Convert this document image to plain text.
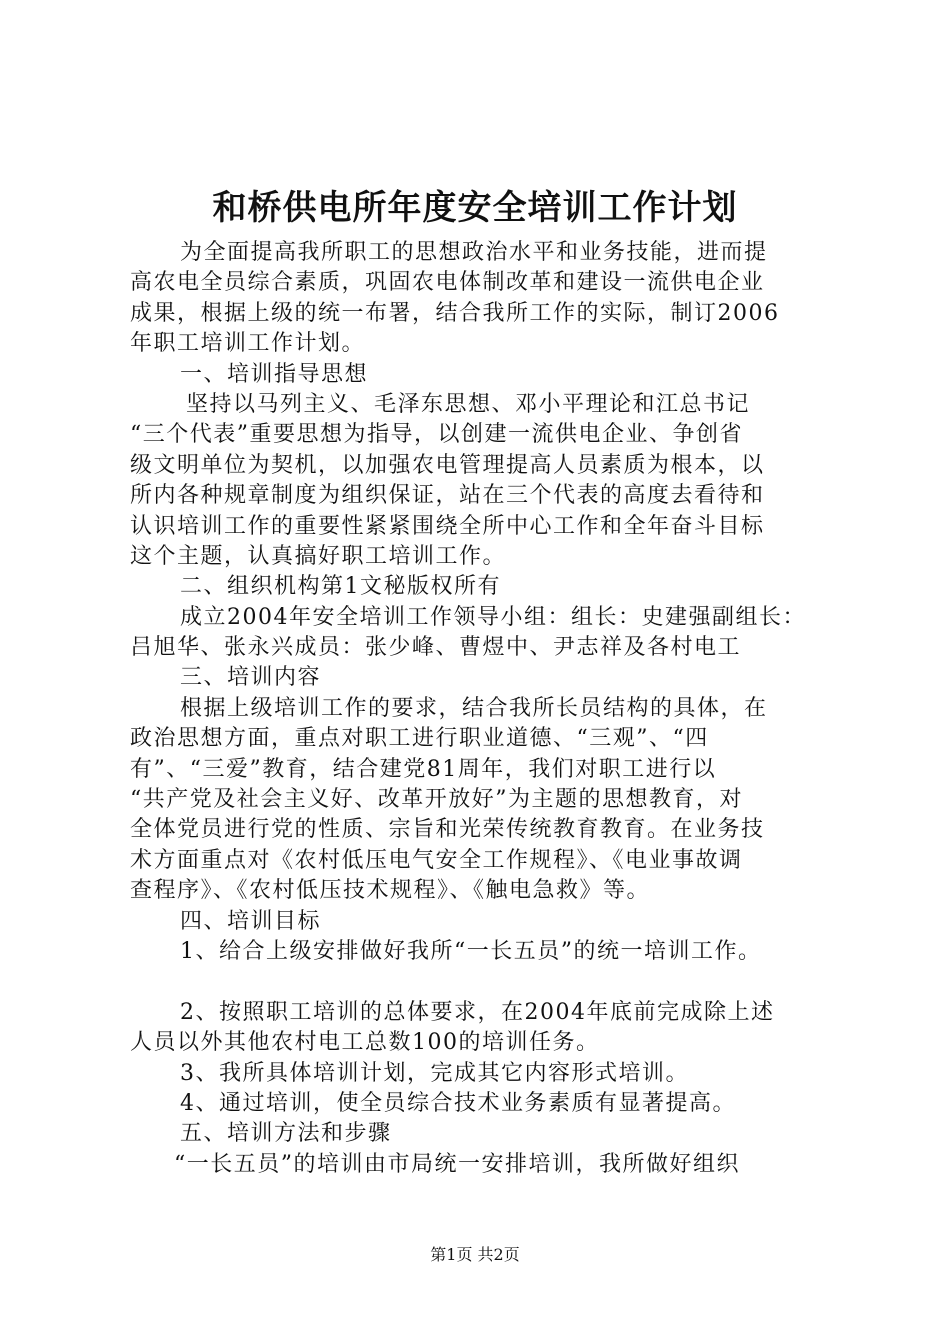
和桥供电所年度安全培训工作计划
为全面提高我所职工的思想政治水平和业务技能，进而提
高农电全员综合素质，巩固农电体制改革和建设一流供电企业
成果，根据上级的统一布署，结合我所工作的实际，制订2006
年职工培训工作计划。
一、培训指导思想
坚持以马列主义、毛泽东思想、邓小平理论和江总书记
“三个代表”重要思想为指导，以创建一流供电企业、争创省
级文明单位为契机，以加强农电管理提高人员素质为根本，以
所内各种规章制度为组织保证，站在三个代表的高度去看待和
认识培训工作的重要性紧紧围绕全所中心工作和全年奋斗目标
这个主题，认真搞好职工培训工作。
二、组织机构第1文秘版权所有
成立2004年安全培训工作领导小组：组长：史建强副组长：
吕旭华、张永兴成员：张少峰、曹煜中、尹志祥及各村电工
三、培训内容
根据上级培训工作的要求，结合我所长员结构的具体，在
政治思想方面，重点对职工进行职业道德、“三观”、“四
有”、“三爱”教育，结合建党81周年，我们对职工进行以
“共产党及社会主义好、改革开放好”为主题的思想教育，对
全体党员进行党的性质、宗旨和光荣传统教育教育。在业务技
术方面重点对《农村低压电气安全工作规程》、《电业事故调
查程序》、《农村低压技术规程》、《触电急救》等。
四、培训目标
1、给合上级安排做好我所“一长五员”的统一培训工作。
2、按照职工培训的总体要求，在2004年底前完成除上述
人员以外其他农村电工总数100的培训任务。
3、我所具体培训计划，完成其它内容形式培训。
4、通过培训，使全员综合技术业务素质有显著提高。
五、培训方法和步骤
“一长五员”的培训由市局统一安排培训，我所做好组织
第1页 共2页
